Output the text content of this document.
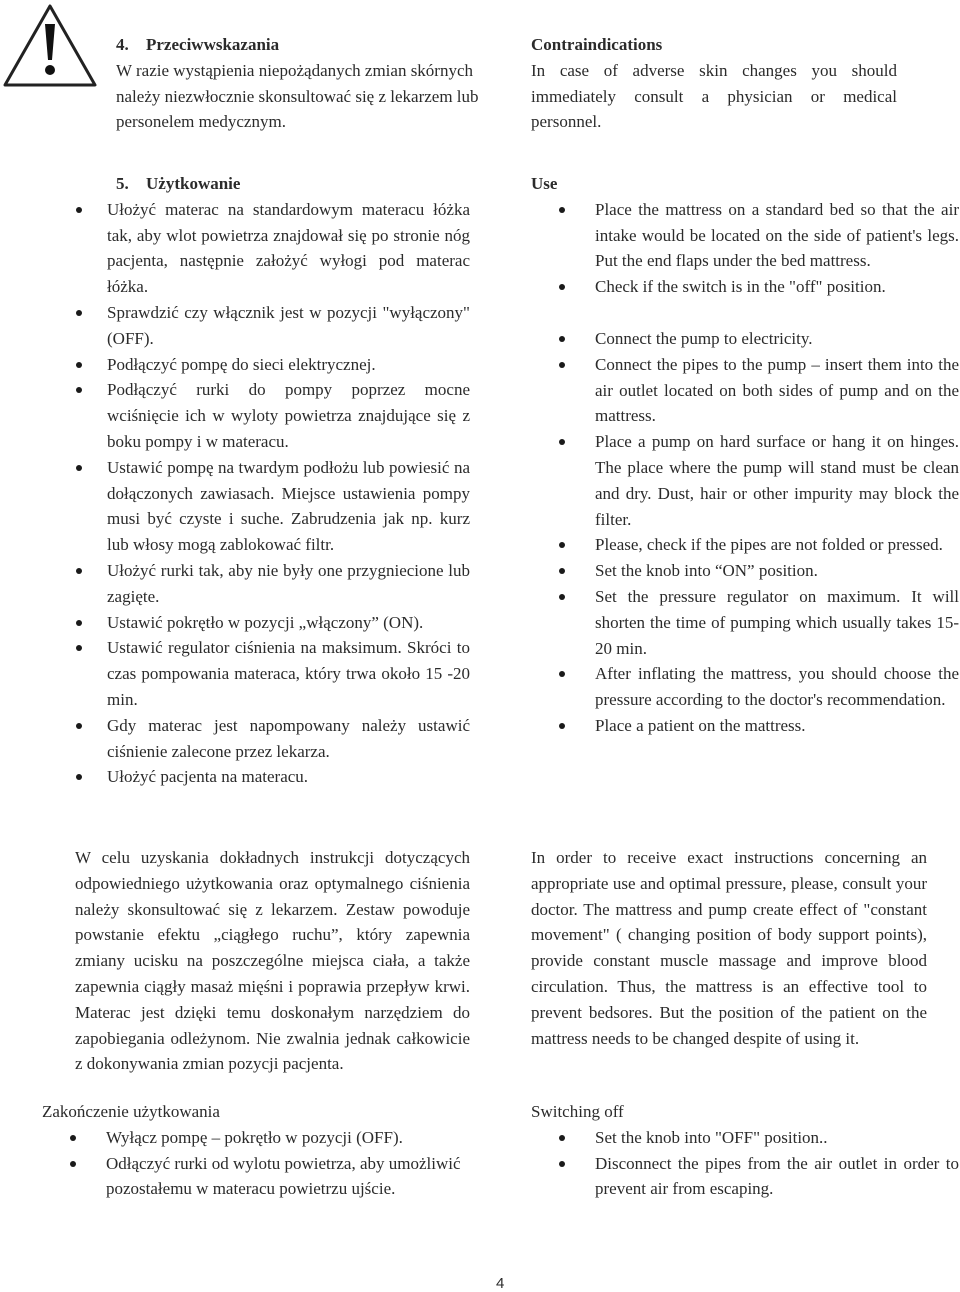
4. Przeciwwskazania
W razie wystąpienia niepożądanych zmian skórnych należy niezwłocznie skonsultować się z lekarzem lub personelem medycznym.
Contraindications
In case of adverse skin changes you should immediately consult a physician or medical personnel.
5. Użytkowanie
Ułożyć materac na standardowym materacu łóżka tak, aby wlot powietrza znajdował się po stronie nóg pacjenta, następnie założyć wyłogi pod materac łóżka.
Sprawdzić czy włącznik jest w pozycji "wyłączony" (OFF).
Podłączyć pompę do sieci elektrycznej.
Podłączyć rurki do pompy poprzez mocne wciśnięcie ich w wyloty powietrza znajdujące się z boku pompy i w materacu.
Ustawić pompę na twardym podłożu lub powiesić na dołączonych zawiasach. Miejsce ustawienia pompy musi być czyste i suche. Zabrudzenia jak np. kurz lub włosy mogą zablokować filtr.
Ułożyć rurki tak, aby nie były one przygniecione lub zagięte.
Ustawić pokrętło w pozycji „włączony” (ON).
Ustawić regulator ciśnienia na maksimum. Skróci to czas pompowania materaca, który trwa około 15 -20 min.
Gdy materac jest napompowany należy ustawić ciśnienie zalecone przez lekarza.
Ułożyć pacjenta na materacu.
Use
Place the mattress on a standard bed so that the air intake would be located on the side of patient's legs. Put the end flaps under the bed mattress.
Check if the switch is in the "off" position.
Connect the pump to electricity.
Connect the pipes to the pump – insert them into the air outlet located on both sides of pump and on the mattress.
Place a pump on hard surface or hang it on hinges. The place where the pump will stand must be clean and dry. Dust, hair or other impurity may block the filter.
Please, check if the pipes are not folded or pressed.
Set the knob into “ON” position.
Set the pressure regulator on maximum. It will shorten the time of pumping which usually takes 15-20 min.
After inflating the mattress, you should choose the pressure according to the doctor's recommendation.
Place a patient on the mattress.
W celu uzyskania dokładnych instrukcji dotyczących odpowiedniego użytkowania oraz optymalnego ciśnienia należy skonsultować się z lekarzem. Zestaw powoduje powstanie efektu „ciągłego ruchu”, który zapewnia zmiany ucisku na poszczególne miejsca ciała, a także zapewnia ciągły masaż mięśni i poprawia przepływ krwi. Materac jest dzięki temu doskonałym narzędziem do zapobiegania odleżynom. Nie zwalnia jednak całkowicie z dokonywania zmian pozycji pacjenta.
In order to receive exact instructions concerning an appropriate use and optimal pressure, please, consult your doctor. The mattress and pump create effect of "constant movement" ( changing position of body support points), provide constant muscle massage and improve blood circulation. Thus, the mattress is an effective tool to prevent bedsores. But the position of the patient on the mattress needs to be changed despite of using it.
Zakończenie użytkowania
Wyłącz pompę – pokrętło w pozycji (OFF).
Odłączyć rurki od wylotu powietrza, aby umożliwić pozostałemu w materacu powietrzu ujście.
Switching off
Set the knob into "OFF" position..
Disconnect the pipes from the air outlet in order to prevent air from escaping.
4
